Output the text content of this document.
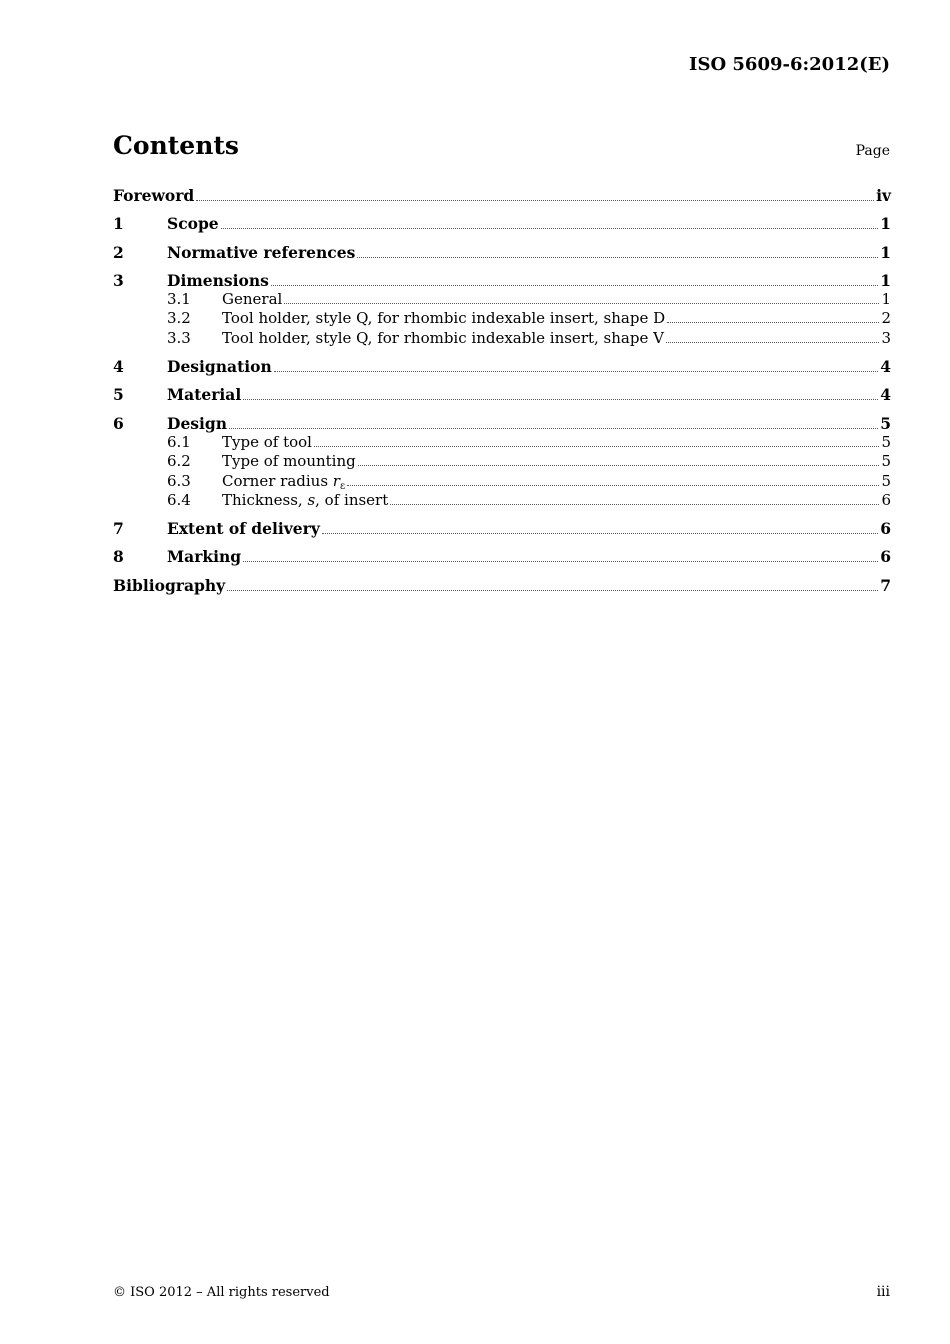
ISO 5609-6:2012(E)
Contents	Page
Foreword	iv
1	Scope	1
2	Normative references	1
3	Dimensions	1
3.1	General	1
3.2	Tool holder, style Q, for rhombic indexable insert, shape D	2
3.3	Tool holder, style Q, for rhombic indexable insert, shape V	3
4	Designation	4
5	Material	4
6	Design	5
6.1	Type of tool	5
6.2	Type of mounting	5
6.3	Corner radius $r_\varepsilon$	5
6.4	Thickness, s, of insert	6
7	Extent of delivery	6
8	Marking	6
Bibliography	7
© ISO 2012 – All rights reserved	iii
